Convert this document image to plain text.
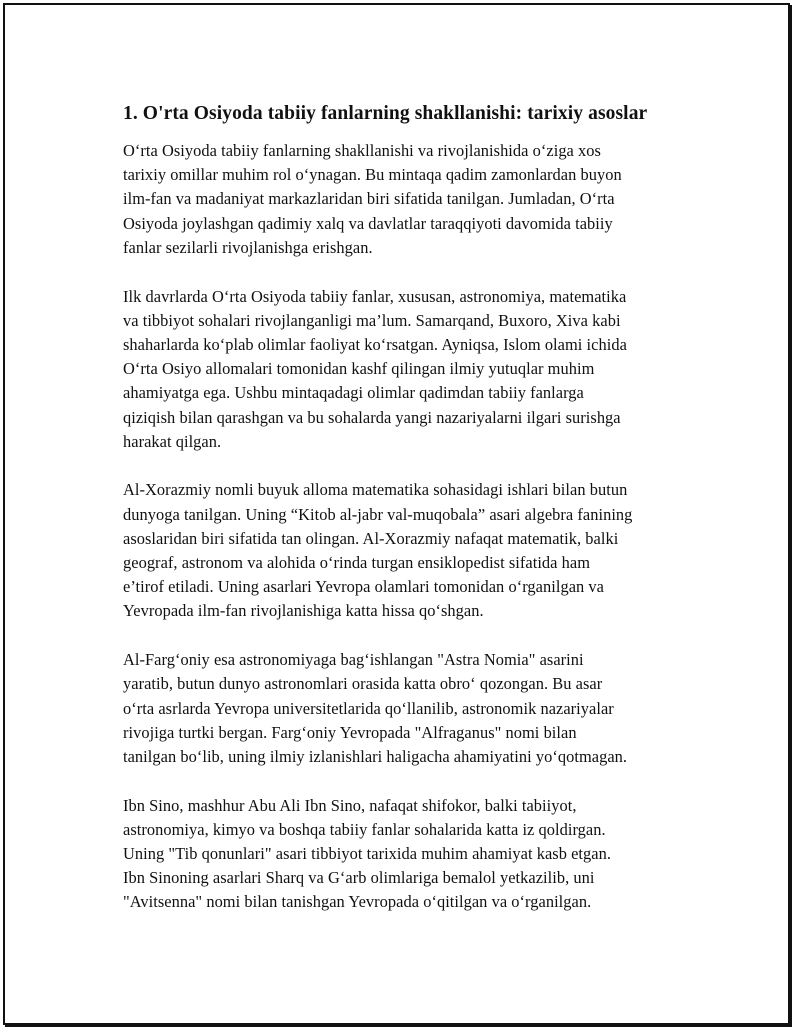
1. O'rta Osiyoda tabiiy fanlarning shakllanishi: tarixiy asoslar

O‘rta Osiyoda tabiiy fanlarning shakllanishi va rivojlanishida o‘ziga xos
tarixiy omillar muhim rol o‘ynagan. Bu mintaqa qadim zamonlardan buyon
ilm-fan va madaniyat markazlaridan biri sifatida tanilgan. Jumladan, O‘rta
Osiyoda joylashgan qadimiy xalq va davlatlar taraqqiyoti davomida tabiiy
fanlar sezilarli rivojlanishga erishgan.

Ilk davrlarda O‘rta Osiyoda tabiiy fanlar, xususan, astronomiya, matematika
va tibbiyot sohalari rivojlanganligi ma’lum. Samarqand, Buxoro, Xiva kabi
shaharlarda ko‘plab olimlar faoliyat ko‘rsatgan. Ayniqsa, Islom olami ichida
O‘rta Osiyo allomalari tomonidan kashf qilingan ilmiy yutuqlar muhim
ahamiyatga ega. Ushbu mintaqadagi olimlar qadimdan tabiiy fanlarga
qiziqish bilan qarashgan va bu sohalarda yangi nazariyalarni ilgari surishga
harakat qilgan.

Al-Xorazmiy nomli buyuk alloma matematika sohasidagi ishlari bilan butun
dunyoga tanilgan. Uning “Kitob al-jabr val-muqobala” asari algebra fanining
asoslaridan biri sifatida tan olingan. Al-Xorazmiy nafaqat matematik, balki
geograf, astronom va alohida o‘rinda turgan ensiklopedist sifatida ham
e’tirof etiladi. Uning asarlari Yevropa olamlari tomonidan o‘rganilgan va
Yevropada ilm-fan rivojlanishiga katta hissa qo‘shgan.

Al-Farg‘oniy esa astronomiyaga bag‘ishlangan "Astra Nomia" asarini
yaratib, butun dunyo astronomlari orasida katta obro‘ qozongan. Bu asar
o‘rta asrlarda Yevropa universitetlarida qo‘llanilib, astronomik nazariyalar
rivojiga turtki bergan. Farg‘oniy Yevropada "Alfraganus" nomi bilan
tanilgan bo‘lib, uning ilmiy izlanishlari haligacha ahamiyatini yo‘qotmagan.

Ibn Sino, mashhur Abu Ali Ibn Sino, nafaqat shifokor, balki tabiiyot,
astronomiya, kimyo va boshqa tabiiy fanlar sohalarida katta iz qoldirgan.
Uning "Tib qonunlari" asari tibbiyot tarixida muhim ahamiyat kasb etgan.
Ibn Sinoning asarlari Sharq va G‘arb olimlariga bemalol yetkazilib, uni
"Avitsenna" nomi bilan tanishgan Yevropada o‘qitilgan va o‘rganilgan.
